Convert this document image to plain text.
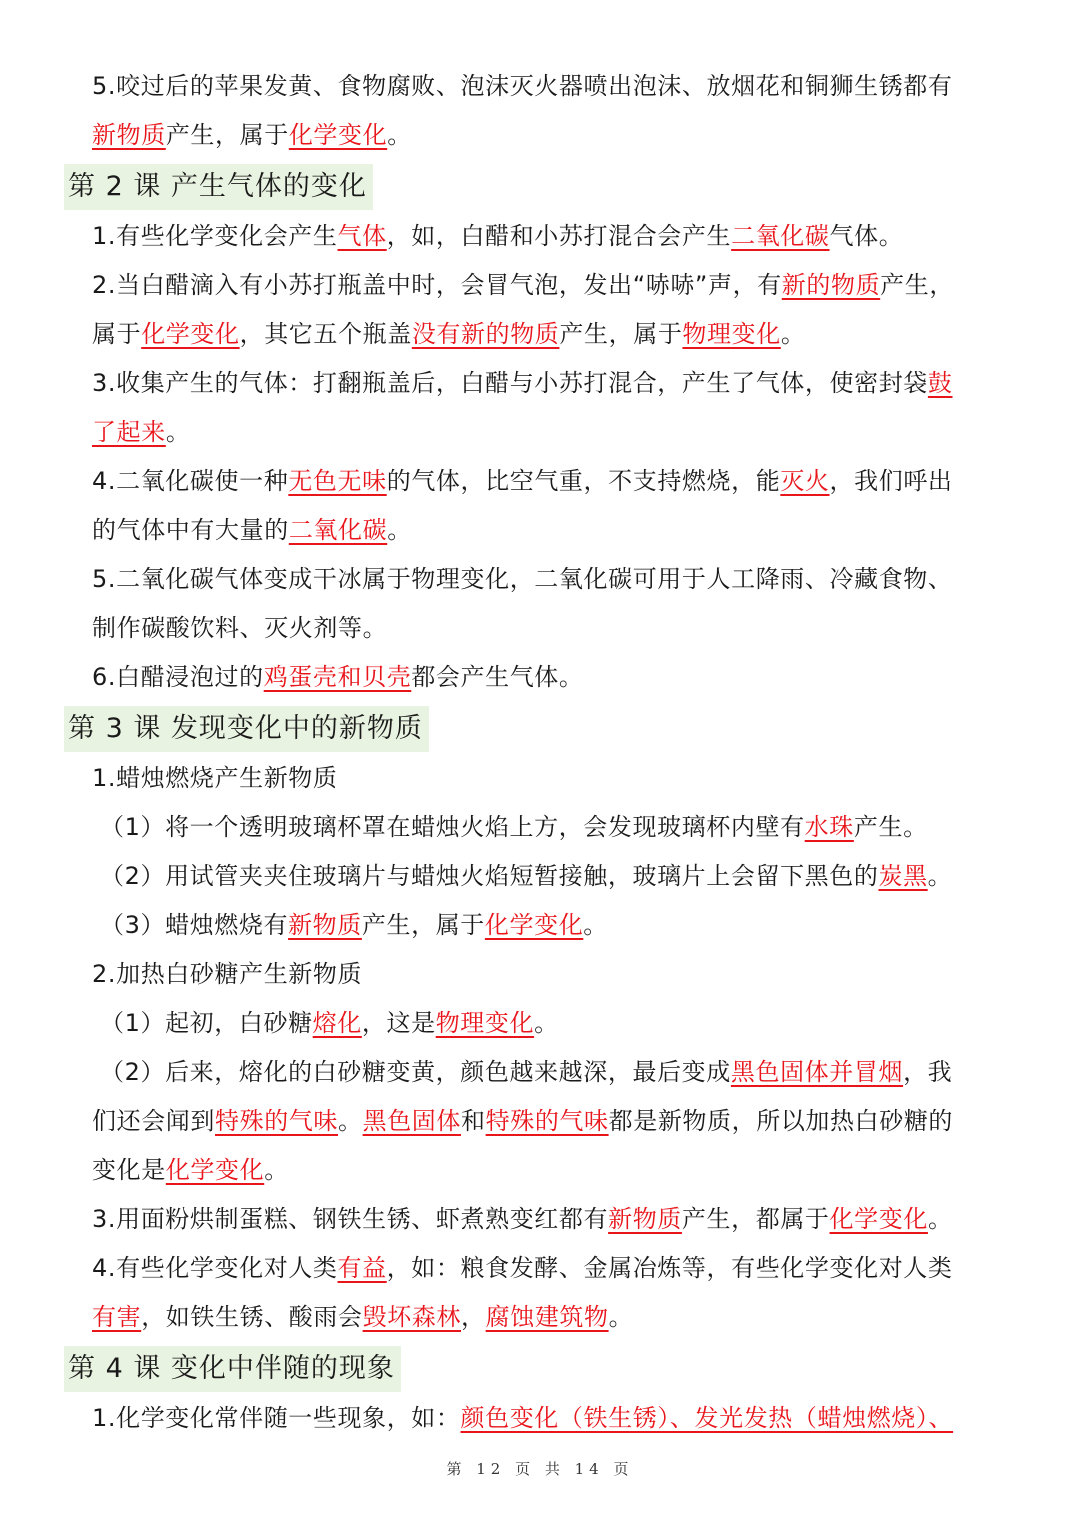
5.咬过后的苹果发黄、食物腐败、泡沫灭火器喷出泡沫、放烟花和铜狮生锈都有
新物质产生，属于化学变化。
第 2 课 产生气体的变化
1.有些化学变化会产生气体，如，白醋和小苏打混合会产生二氧化碳气体。
2.当白醋滴入有小苏打瓶盖中时，会冒气泡，发出“哧哧”声，有新的物质产生，
属于化学变化，其它五个瓶盖没有新的物质产生，属于物理变化。
3.收集产生的气体：打翻瓶盖后，白醋与小苏打混合，产生了气体，使密封袋鼓
了起来。
4.二氧化碳使一种无色无味的气体，比空气重，不支持燃烧，能灭火，我们呼出
的气体中有大量的二氧化碳。
5.二氧化碳气体变成干冰属于物理变化，二氧化碳可用于人工降雨、冷藏食物、
制作碳酸饮料、灭火剂等。
6.白醋浸泡过的鸡蛋壳和贝壳都会产生气体。
第 3 课 发现变化中的新物质
1.蜡烛燃烧产生新物质
（1）将一个透明玻璃杯罩在蜡烛火焰上方，会发现玻璃杯内壁有水珠产生。
（2）用试管夹夹住玻璃片与蜡烛火焰短暂接触，玻璃片上会留下黑色的炭黑。
（3）蜡烛燃烧有新物质产生，属于化学变化。
2.加热白砂糖产生新物质
（1）起初，白砂糖熔化，这是物理变化。
（2）后来，熔化的白砂糖变黄，颜色越来越深，最后变成黑色固体并冒烟，我
们还会闻到特殊的气味。黑色固体和特殊的气味都是新物质，所以加热白砂糖的
变化是化学变化。
3.用面粉烘制蛋糕、钢铁生锈、虾煮熟变红都有新物质产生，都属于化学变化。
4.有些化学变化对人类有益，如：粮食发酵、金属冶炼等，有些化学变化对人类
有害，如铁生锈、酸雨会毁坏森林，腐蚀建筑物。
第 4 课 变化中伴随的现象
1.化学变化常伴随一些现象，如：颜色变化（铁生锈）、发光发热（蜡烛燃烧）、
第 12 页 共 14 页
